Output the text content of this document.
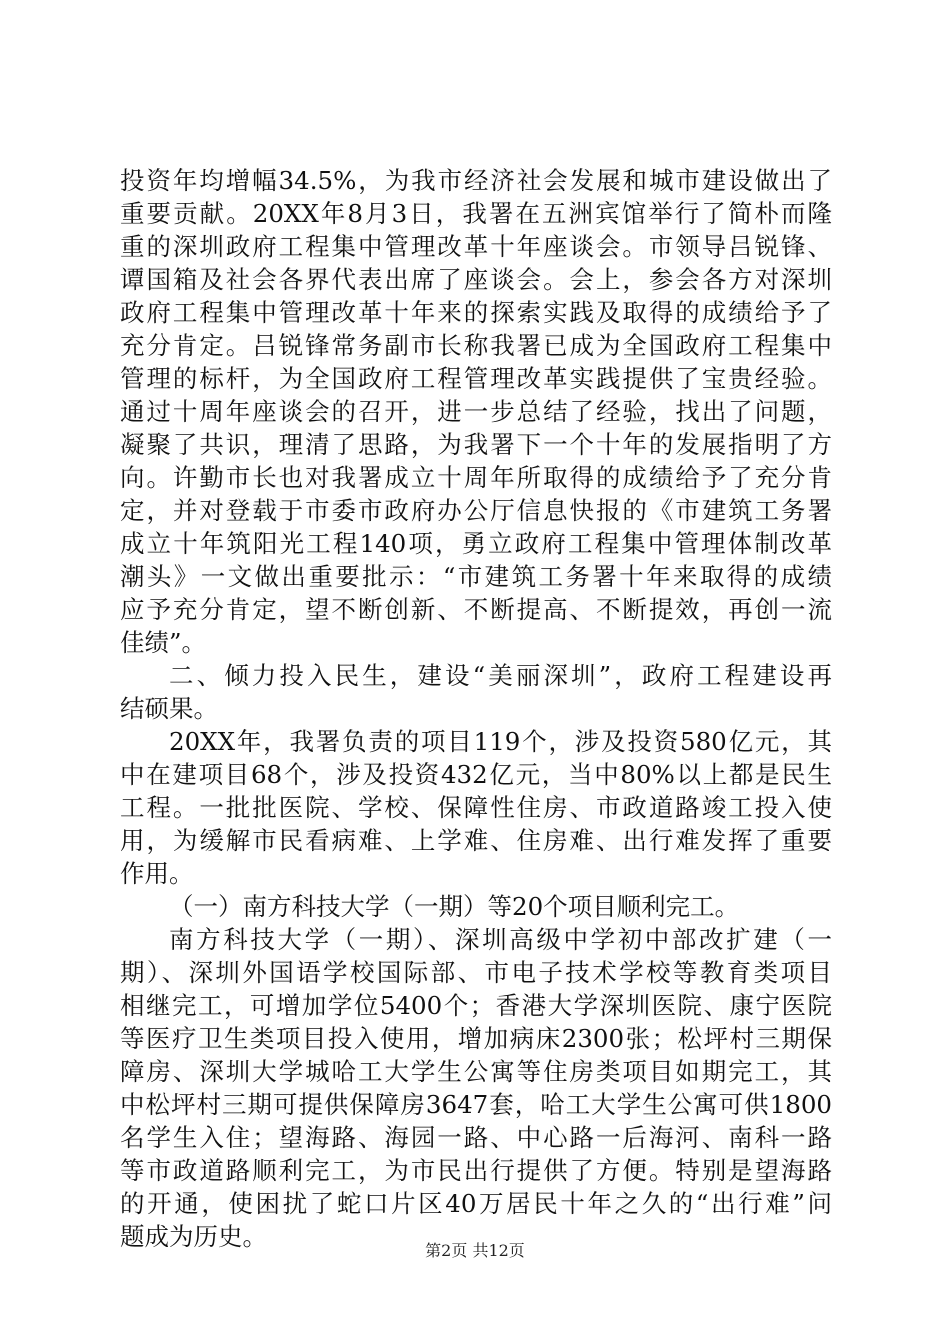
投资年均增幅34.5%，为我市经济社会发展和城市建设做出了
重要贡献。20XX年8月3日，我署在五洲宾馆举行了简朴而隆
重的深圳政府工程集中管理改革十年座谈会。市领导吕锐锋、
谭国箱及社会各界代表出席了座谈会。会上，参会各方对深圳
政府工程集中管理改革十年来的探索实践及取得的成绩给予了
充分肯定。吕锐锋常务副市长称我署已成为全国政府工程集中
管理的标杆，为全国政府工程管理改革实践提供了宝贵经验。
通过十周年座谈会的召开，进一步总结了经验，找出了问题，
凝聚了共识，理清了思路，为我署下一个十年的发展指明了方
向。许勤市长也对我署成立十周年所取得的成绩给予了充分肯
定，并对登载于市委市政府办公厅信息快报的《市建筑工务署
成立十年筑阳光工程140项，勇立政府工程集中管理体制改革
潮头》一文做出重要批示：“市建筑工务署十年来取得的成绩
应予充分肯定，望不断创新、不断提高、不断提效，再创一流
佳绩”。
二、倾力投入民生，建设“美丽深圳”，政府工程建设再
结硕果。
20XX年，我署负责的项目119个，涉及投资580亿元，其
中在建项目68个，涉及投资432亿元，当中80%以上都是民生
工程。一批批医院、学校、保障性住房、市政道路竣工投入使
用，为缓解市民看病难、上学难、住房难、出行难发挥了重要
作用。
（一）南方科技大学（一期）等20个项目顺利完工。
南方科技大学（一期）、深圳高级中学初中部改扩建（一
期）、深圳外国语学校国际部、市电子技术学校等教育类项目
相继完工，可增加学位5400个；香港大学深圳医院、康宁医院
等医疗卫生类项目投入使用，增加病床2300张；松坪村三期保
障房、深圳大学城哈工大学生公寓等住房类项目如期完工，其
中松坪村三期可提供保障房3647套，哈工大学生公寓可供1800
名学生入住；望海路、海园一路、中心路一后海河、南科一路
等市政道路顺利完工，为市民出行提供了方便。特别是望海路
的开通，使困扰了蛇口片区40万居民十年之久的“出行难”问
题成为历史。	第2页 共12页
